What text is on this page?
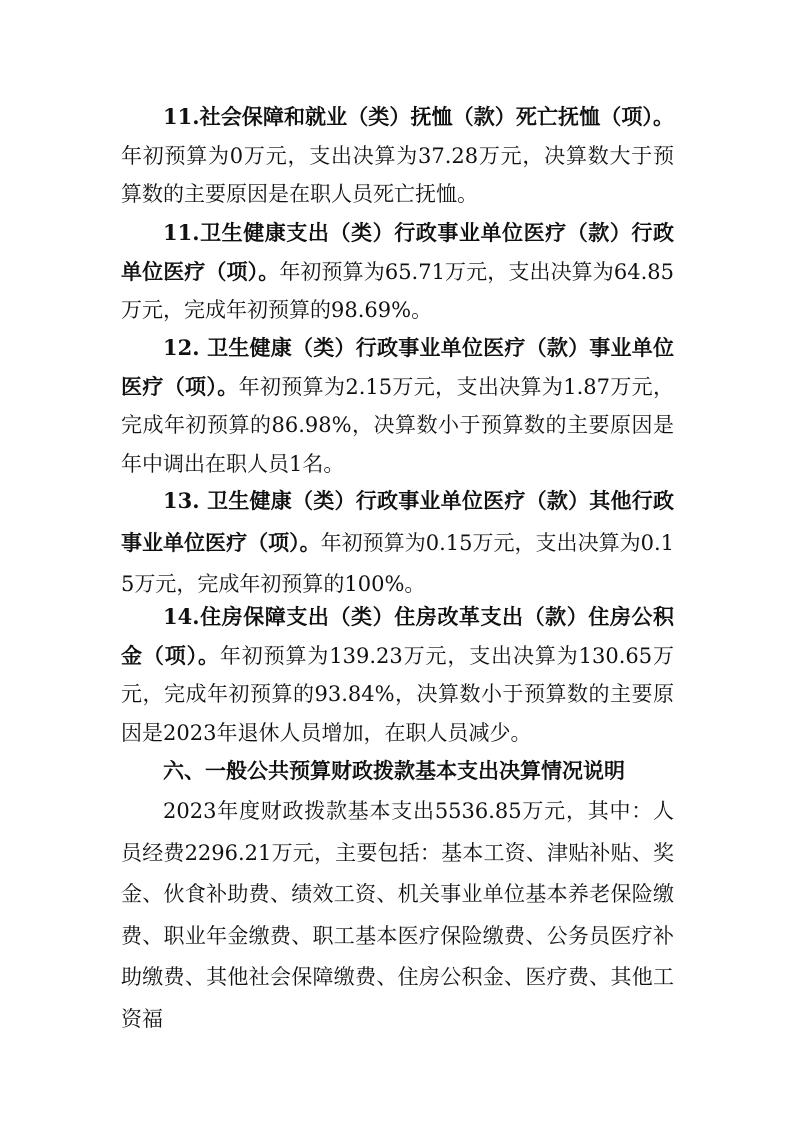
11.社会保障和就业（类）抚恤（款）死亡抚恤（项）。年初预算为0万元，支出决算为37.28万元，决算数大于预算数的主要原因是在职人员死亡抚恤。

11.卫生健康支出（类）行政事业单位医疗（款）行政单位医疗（项）。年初预算为65.71万元，支出决算为64.85万元，完成年初预算的98.69%。

12. 卫生健康（类）行政事业单位医疗（款）事业单位医疗（项）。年初预算为2.15万元，支出决算为1.87万元，完成年初预算的86.98%，决算数小于预算数的主要原因是年中调出在职人员1名。

13. 卫生健康（类）行政事业单位医疗（款）其他行政事业单位医疗（项）。年初预算为0.15万元，支出决算为0.15万元，完成年初预算的100%。

14.住房保障支出（类）住房改革支出（款）住房公积金（项）。年初预算为139.23万元，支出决算为130.65万元，完成年初预算的93.84%，决算数小于预算数的主要原因是2023年退休人员增加，在职人员减少。

六、一般公共预算财政拨款基本支出决算情况说明

2023年度财政拨款基本支出5536.85万元，其中：人员经费2296.21万元，主要包括：基本工资、津贴补贴、奖金、伙食补助费、绩效工资、机关事业单位基本养老保险缴费、职业年金缴费、职工基本医疗保险缴费、公务员医疗补助缴费、其他社会保障缴费、住房公积金、医疗费、其他工资福
